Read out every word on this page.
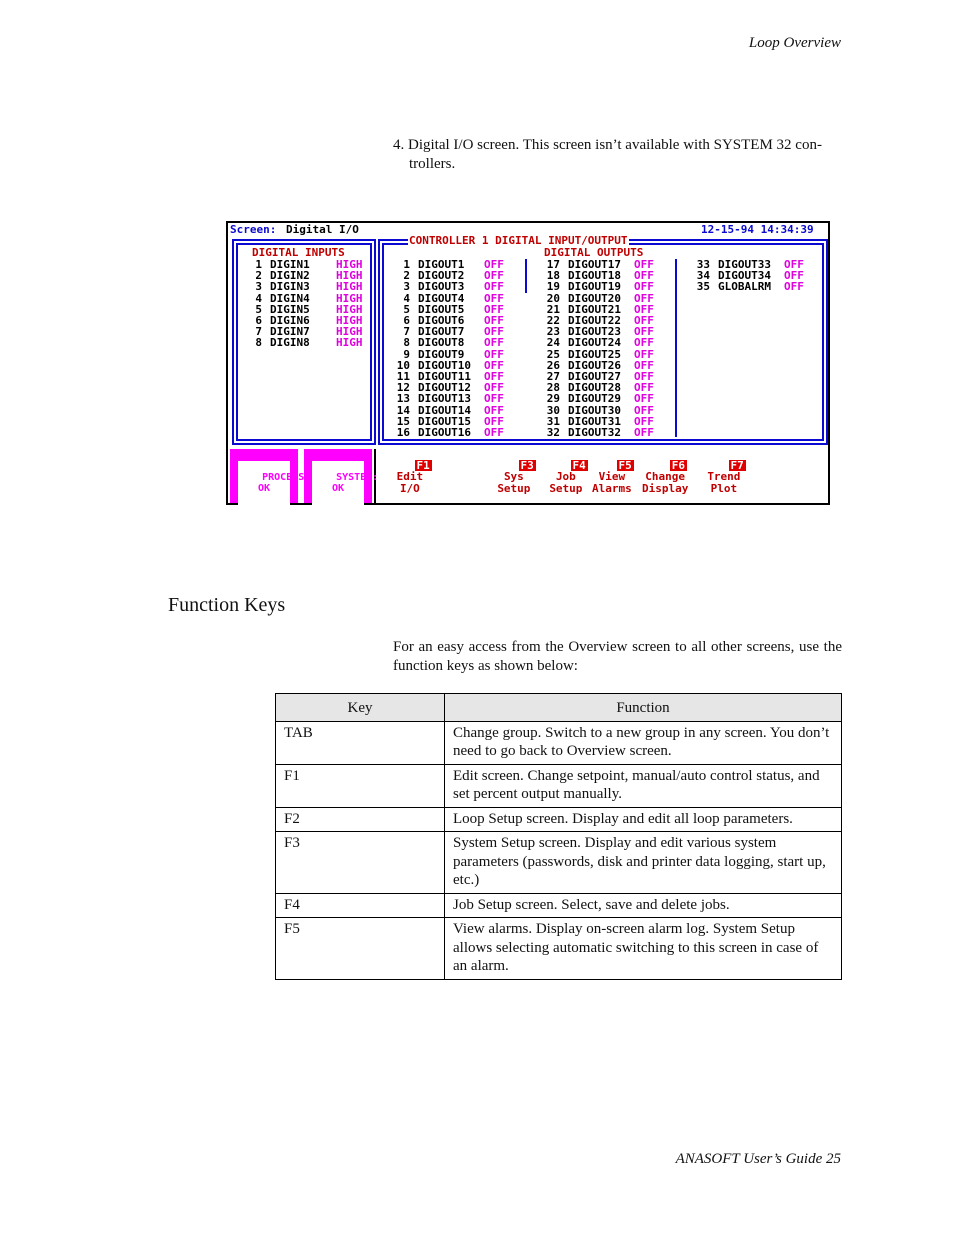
Loop Overview
4. Digital I/O screen. This screen isn’t available with SYSTEM 32 con-
trollers.
Screen: Digital I/O	12-15-94 14:34:39
CONTROLLER 1 DIGITAL INPUT/OUTPUT
DIGITAL INPUTS	DIGITAL OUTPUTS
1 DIGIN1 HIGH
2 DIGIN2 HIGH
3 DIGIN3 HIGH
4 DIGIN4 HIGH
5 DIGIN5 HIGH
6 DIGIN6 HIGH
7 DIGIN7 HIGH
8 DIGIN8 HIGH
1 DIGOUT1 OFF
2 DIGOUT2 OFF
3 DIGOUT3 OFF
4 DIGOUT4 OFF
5 DIGOUT5 OFF
6 DIGOUT6 OFF
7 DIGOUT7 OFF
8 DIGOUT8 OFF
9 DIGOUT9 OFF
10 DIGOUT10 OFF
11 DIGOUT11 OFF
12 DIGOUT12 OFF
13 DIGOUT13 OFF
14 DIGOUT14 OFF
15 DIGOUT15 OFF
16 DIGOUT16 OFF
17 DIGOUT17 OFF
18 DIGOUT18 OFF
19 DIGOUT19 OFF
20 DIGOUT20 OFF
21 DIGOUT21 OFF
22 DIGOUT22 OFF
23 DIGOUT23 OFF
24 DIGOUT24 OFF
25 DIGOUT25 OFF
26 DIGOUT26 OFF
27 DIGOUT27 OFF
28 DIGOUT28 OFF
29 DIGOUT29 OFF
30 DIGOUT30 OFF
31 DIGOUT31 OFF
32 DIGOUT32 OFF
33 DIGOUT33 OFF
34 DIGOUT34 OFF
35 GLOBALRM OFF

PROCESS
OK

SYSTEM:
OK

F1
Edit
I/O

F3
Sys
Setup

F4
Job
Setup

F5
View
Alarms

F6
Change
Display

F7
Trend
Plot

Function Keys
For an easy access from the Overview screen to all other screens, use the function keys as shown below:
Key	Function
TAB	Change group. Switch to a new group in any screen. You don’t need to go back to Overview screen.
F1	Edit screen. Change setpoint, manual/auto control status, and set percent output manually.
F2	Loop Setup screen. Display and edit all loop parameters.
F3	System Setup screen. Display and edit various system parameters (passwords, disk and printer data logging, start up, etc.)
F4	Job Setup screen. Select, save and delete jobs.
F5	View alarms. Display on-screen alarm log. System Setup allows selecting automatic switching to this screen in case of an alarm.
ANASOFT User’s Guide 25
